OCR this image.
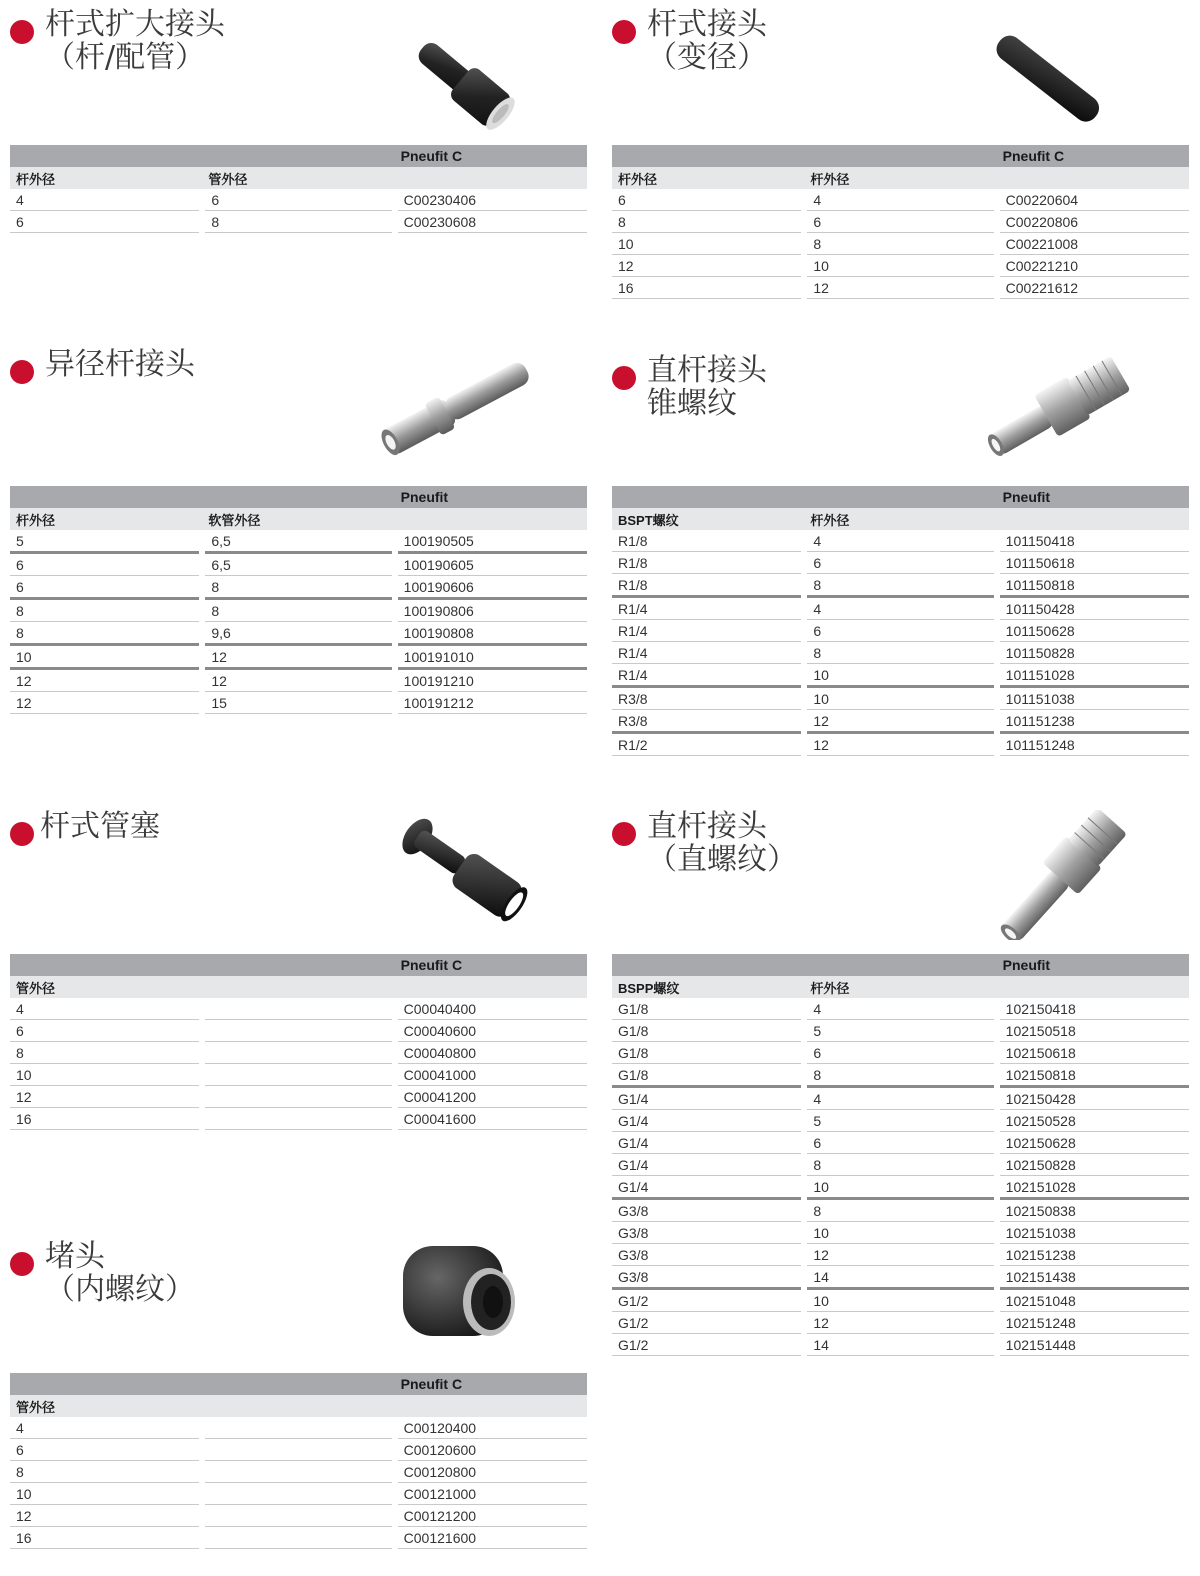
杆式扩大接头
（杆/配管）
		Pneufit C
杆外径	管外径	
4	6	C00230406
6	8	C00230608
杆式接头
（变径）
		Pneufit C
杆外径	杆外径	
6	4	C00220604
8	6	C00220806
10	8	C00221008
12	10	C00221210
16	12	C00221612
异径杆接头
		Pneufit
杆外径	软管外径	
5	6,5	100190505
6	6,5	100190605
6	8	100190606
8	8	100190806
8	9,6	100190808
10	12	100191010
12	12	100191210
12	15	100191212
直杆接头
锥螺纹
		Pneufit
BSPT螺纹	杆外径	
R1/8	4	101150418
R1/8	6	101150618
R1/8	8	101150818
R1/4	4	101150428
R1/4	6	101150628
R1/4	8	101150828
R1/4	10	101151028
R3/8	10	101151038
R3/8	12	101151238
R1/2	12	101151248
杆式管塞
		Pneufit C
管外径		
4		C00040400
6		C00040600
8		C00040800
10		C00041000
12		C00041200
16		C00041600
直杆接头
（直螺纹）
		Pneufit
BSPP螺纹	杆外径	
G1/8	4	102150418
G1/8	5	102150518
G1/8	6	102150618
G1/8	8	102150818
G1/4	4	102150428
G1/4	5	102150528
G1/4	6	102150628
G1/4	8	102150828
G1/4	10	102151028
G3/8	8	102150838
G3/8	10	102151038
G3/8	12	102151238
G3/8	14	102151438
G1/2	10	102151048
G1/2	12	102151248
G1/2	14	102151448
堵头
（内螺纹）
		Pneufit C
管外径		
4		C00120400
6		C00120600
8		C00120800
10		C00121000
12		C00121200
16		C00121600
